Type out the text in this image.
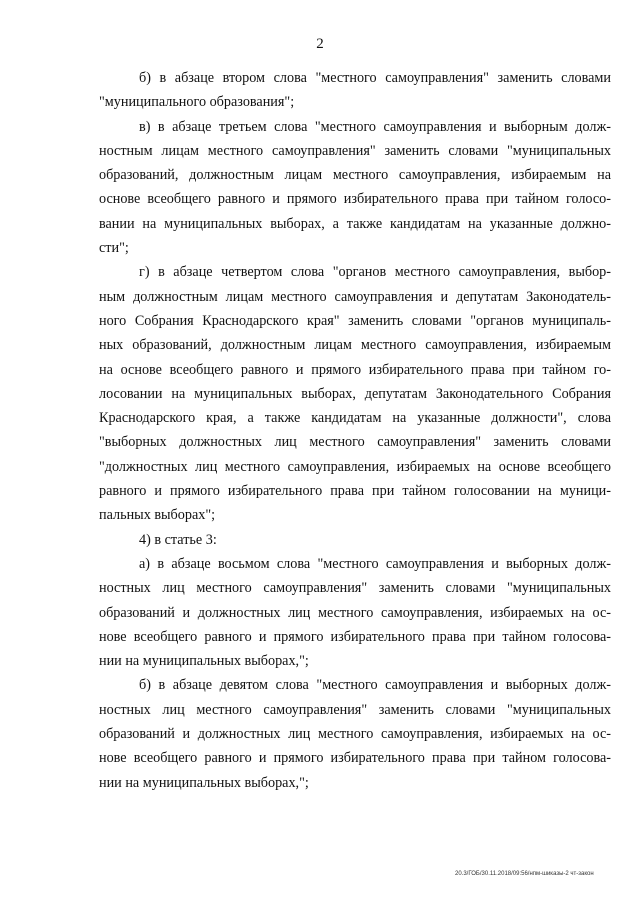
2
б) в абзаце втором слова "местного самоуправления" заменить словами
"муниципального образования";
в) в абзаце третьем слова "местного самоуправления и выборным долж-
ностным лицам местного самоуправления" заменить словами "муниципальных
образований, должностным лицам местного самоуправления, избираемым на
основе всеобщего равного и прямого избирательного права при тайном голосо-
вании на муниципальных выборах, а также кандидатам на указанные должно-
сти";
г) в абзаце четвертом слова "органов местного самоуправления, выбор-
ным должностным лицам местного самоуправления и депутатам Законодатель-
ного Собрания Краснодарского края" заменить словами "органов муниципаль-
ных образований, должностным лицам местного самоуправления, избираемым
на основе всеобщего равного и прямого избирательного права при тайном го-
лосовании на муниципальных выборах, депутатам Законодательного Собрания
Краснодарского края, а также кандидатам на указанные должности", слова
"выборных должностных лиц местного самоуправления" заменить словами
"должностных лиц местного самоуправления, избираемых на основе всеобщего
равного и прямого избирательного права при тайном голосовании на муници-
пальных выборах";
4) в статье 3:
а) в абзаце восьмом слова "местного самоуправления и выборных долж-
ностных лиц местного самоуправления" заменить словами "муниципальных
образований и должностных лиц местного самоуправления, избираемых на ос-
нове всеобщего равного и прямого избирательного права при тайном голосова-
нии на муниципальных выборах,";
б) в абзаце девятом слова "местного самоуправления и выборных долж-
ностных лиц местного самоуправления" заменить словами "муниципальных
образований и должностных лиц местного самоуправления, избираемых на ос-
нове всеобщего равного и прямого избирательного права при тайном голосова-
нии на муниципальных выборах,";
20.3/ГОБ/30.11.2018/09:56/нпм-шиказы-2 чт-закон
